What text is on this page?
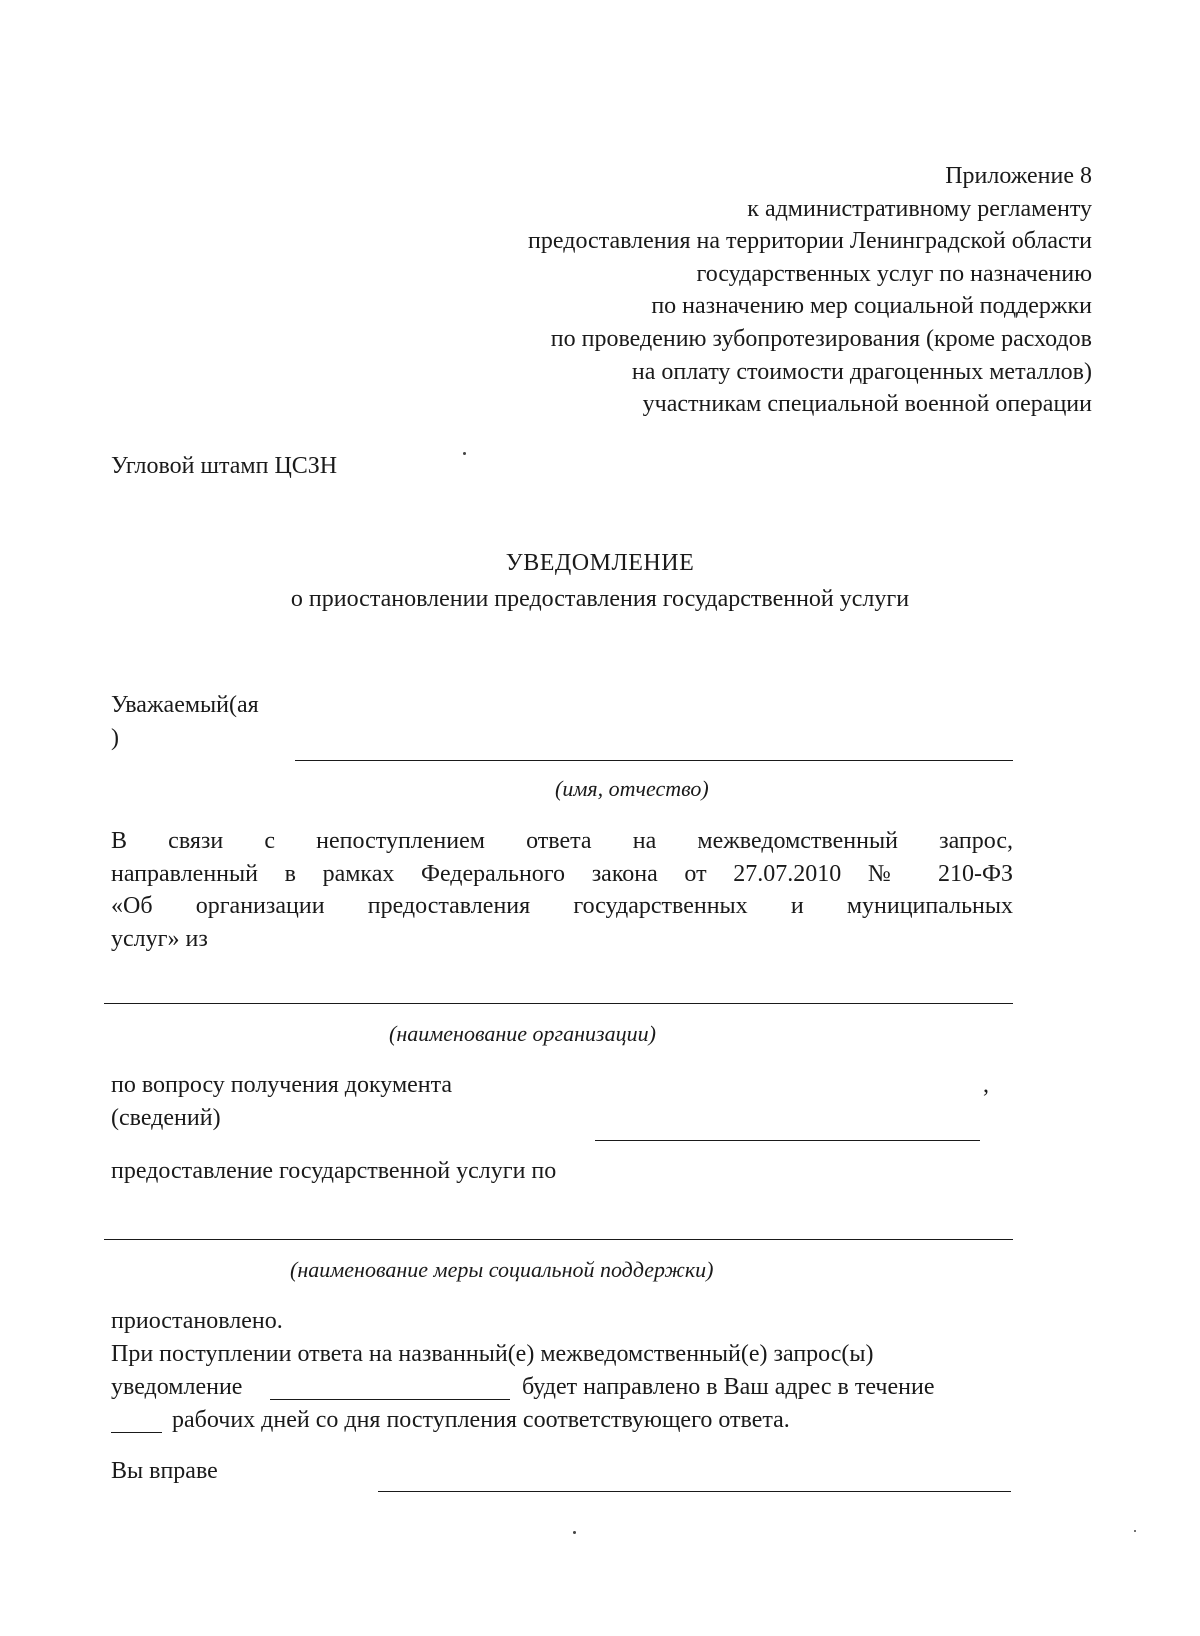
Приложение 8
к административному регламенту
предоставления на территории Ленинградской области
государственных услуг по назначению
по назначению мер социальной поддержки
по проведению зубопротезирования (кроме расходов
на оплату стоимости драгоценных металлов)
участникам специальной военной операции
Угловой штамп ЦСЗН
УВЕДОМЛЕНИЕ
о приостановлении предоставления государственной услуги
Уважаемый(ая
)
(имя, отчество)
В связи с непоступлением ответа на межведомственный запрос,
направленный в рамках Федерального закона от 27.07.2010 № 210-ФЗ
«Об организации предоставления государственных и муниципальных
услуг» из
(наименование организации)
по вопросу получения документа	,
(сведений)
предоставление государственной услуги по
(наименование меры социальной поддержки)
приостановлено.
При поступлении ответа на названный(е) межведомственный(е) запрос(ы)
уведомление	будет направлено в Ваш адрес в течение
рабочих дней со дня поступления соответствующего ответа.
Вы вправе
